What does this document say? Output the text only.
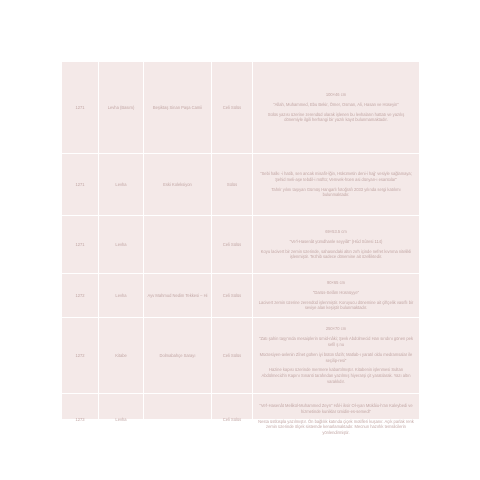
1271	Levha (Basım)	Beşiktaş Sinan Paşa Camii	Celi Sülüs	100×46 cm
"Allah, Muhammed, Ebu Bekir, Ömer, Osman, Ali, Hasan ve Hüseyin"
Sülüs yazısı üzerine zerendüd olarak işlenen bu levhaların hattatı ve yazılış dönemiyle ilgili herhangi bir yazılı kayıt bulunmamaktadır.

1271	Levha	Eski Koleksiyon	Sülüs	"Sebi halkı -i hatib, sen ancak misafir-lğin, Hükümetin deni-i hajj' vesiyle sağlamaya; Şehid meli-aşe tebdil-i müftü; Vemvek-hüen asi dünyan-ı esantolar"
Tahrir yılını taşıyan Gümüş Hangarlı fotoğrafı 2033 yılında sergi katılımı bulunmaktadır.

1271	Levha		Celi Sülüs	69×53.5 cm
"Ve'l-Hasenât yümdhanle seyyiât" (Hûd Sûresi 114)
Koyu lacivert bir zemin üzerinde, sahasındaki altın zırh içinde nefret kıvrıma nitelikli işlenmiştir. Tezhib sadece dönemine ait özelliktedir.

1272	Levha	Ayv Mahmud Nedim Tekkesi – Hi	Celi Sülüs	90×65 cm
"Darüs-Selâm Hüsnüyye"
Lacivert zemin üzerine zerendüd işlenmiştir. Koruyucu dönemine ait çiftçelik vasıflı bir seviye alan keşiştir bulunmaktadır.

1272	Kitabe	Dolmabahçe Sarayı	Celi Sülüs	250×70 cm
"Zatı şahin taşy'ında mesaiplerin ümid-nâki; Şevk Abdülmecid Han sırıdını gönen pek sefil ş nu
Müctesiyen-avlenin Zînet gühen iyi bütün tâzih; Matlab-ı yaratıl oldu medramsalar ile seçilip-resi"
Hazine kapısı üzerinde mermere kabartılmıştır. Kitabenin işlenmesi Sultan Abdülmecid'in Kapını Sınanti tarafından yazılmış hiyerarşi çit yaratılarak. Yazı altın varaklıdır.

1273	Levha		Celi Sülüs	"Ve'l-Hasenât Melikül-Muhammed Zeyn" Hâl-i iksir Ol-ıyan Mükâiu-h'an Kaleybedi ve hizmetinde kuniklar ümidin-es-semedi"
Nesta üstlüspla yazılmıştır. Ön bağlılık katında çiçek motifleri kuşanır. Açık parlak renk zemin üzerinde ölçek sistemde kenarlamaktadır. Mecnun hazırlık temsilcilerin yönlendirmiştir.
